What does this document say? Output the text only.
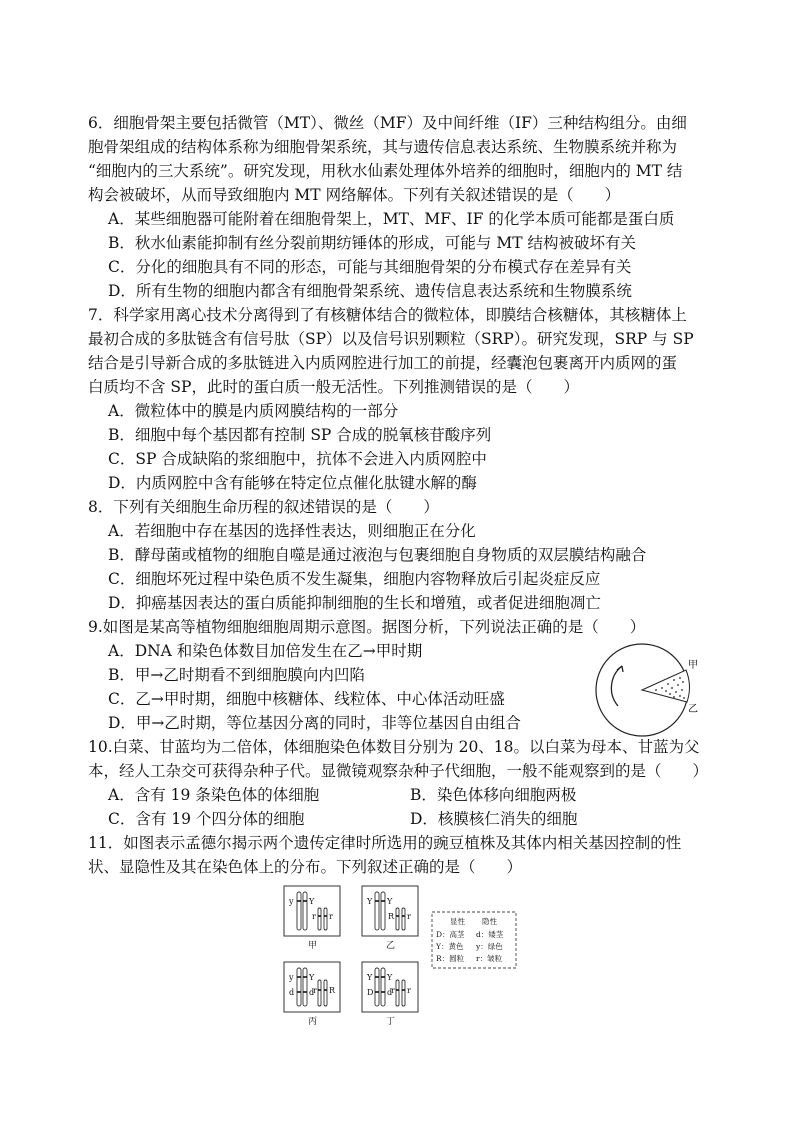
6．细胞骨架主要包括微管（MT）、微丝（MF）及中间纤维（IF）三种结构组分。由细
胞骨架组成的结构体系称为细胞骨架系统，其与遗传信息表达系统、生物膜系统并称为
“细胞内的三大系统”。研究发现，用秋水仙素处理体外培养的细胞时，细胞内的 MT 结
构会被破坏，从而导致细胞内 MT 网络解体。下列有关叙述错误的是（　　）
A．某些细胞器可能附着在细胞骨架上，MT、MF、IF 的化学本质可能都是蛋白质
B．秋水仙素能抑制有丝分裂前期纺锤体的形成，可能与 MT 结构被破坏有关
C．分化的细胞具有不同的形态，可能与其细胞骨架的分布模式存在差异有关
D．所有生物的细胞内都含有细胞骨架系统、遗传信息表达系统和生物膜系统
7．科学家用离心技术分离得到了有核糖体结合的微粒体，即膜结合核糖体，其核糖体上
最初合成的多肽链含有信号肽（SP）以及信号识别颗粒（SRP）。研究发现，SRP 与 SP
结合是引导新合成的多肽链进入内质网腔进行加工的前提，经囊泡包裹离开内质网的蛋
白质均不含 SP，此时的蛋白质一般无活性。下列推测错误的是（　　）
A．微粒体中的膜是内质网膜结构的一部分
B．细胞中每个基因都有控制 SP 合成的脱氧核苷酸序列
C．SP 合成缺陷的浆细胞中，抗体不会进入内质网腔中
D．内质网腔中含有能够在特定位点催化肽键水解的酶
8．下列有关细胞生命历程的叙述错误的是（　　）
A．若细胞中存在基因的选择性表达，则细胞正在分化
B．酵母菌或植物的细胞自噬是通过液泡与包裹细胞自身物质的双层膜结构融合
C．细胞坏死过程中染色质不发生凝集，细胞内容物释放后引起炎症反应
D．抑癌基因表达的蛋白质能抑制细胞的生长和增殖，或者促进细胞凋亡
9.如图是某高等植物细胞细胞周期示意图。据图分析，下列说法正确的是（　　）
A．DNA 和染色体数目加倍发生在乙→甲时期
B．甲→乙时期看不到细胞膜向内凹陷
C．乙→甲时期，细胞中核糖体、线粒体、中心体活动旺盛
D．甲→乙时期，等位基因分离的同时，非等位基因自由组合
甲
乙
10.白菜、甘蓝均为二倍体，体细胞染色体数目分别为 20、18。以白菜为母本、甘蓝为父
本，经人工杂交可获得杂种子代。显微镜观察杂种子代细胞，一般不能观察到的是（　　）
A．含有 19 条染色体的体细胞	B．染色体移向细胞两极
C．含有 19 个四分体的细胞	D．核膜核仁消失的细胞
11．如图表示孟德尔揭示两个遗传定律时所选用的豌豆植株及其体内相关基因控制的性
状、显隐性及其在染色体上的分布。下列叙述正确的是（　　）
y Y
r r
Y Y
R r
y Y
d d
r R
Y Y
D d
r r
甲	乙
丙	丁
显性 隐性
D：高茎 d：矮茎
Y：黄色 y：绿色
R：圆粒 r：皱粒
